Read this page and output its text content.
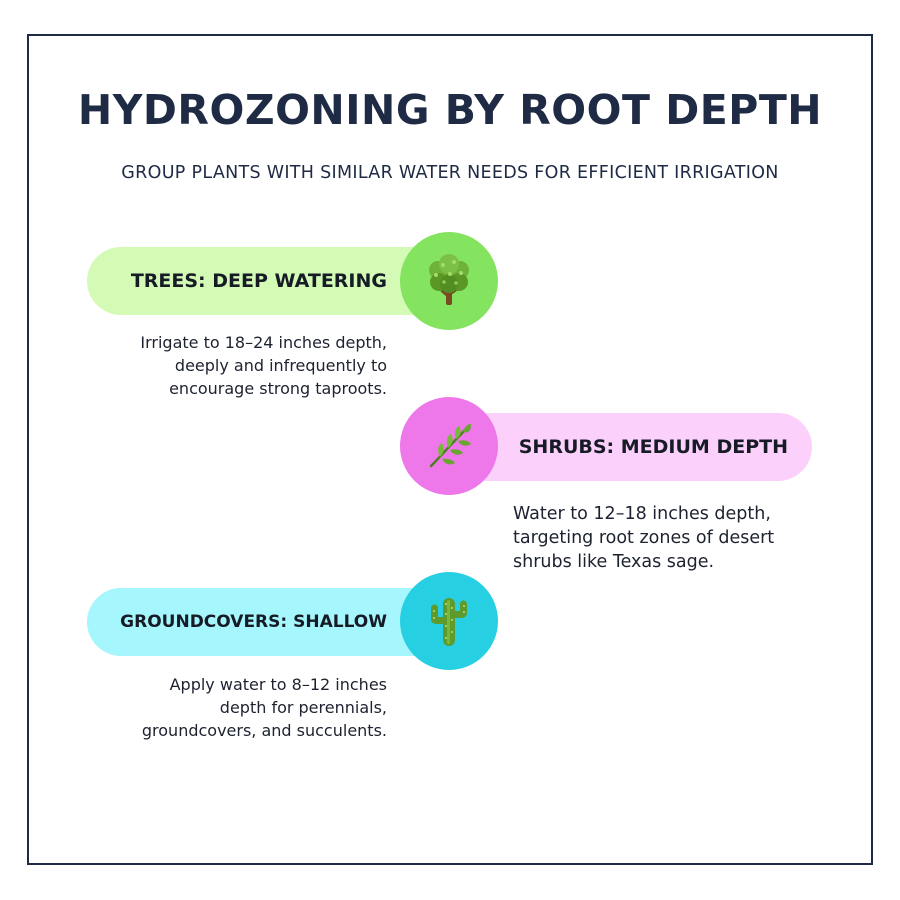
HYDROZONING BY ROOT DEPTH
GROUP PLANTS WITH SIMILAR WATER NEEDS FOR EFFICIENT IRRIGATION
TREES: DEEP WATERING
Irrigate to 18–24 inches depth,
deeply and infrequently to
encourage strong taproots.
SHRUBS: MEDIUM DEPTH
Water to 12–18 inches depth,
targeting root zones of desert
shrubs like Texas sage.
GROUNDCOVERS: SHALLOW
Apply water to 8–12 inches
depth for perennials,
groundcovers, and succulents.
